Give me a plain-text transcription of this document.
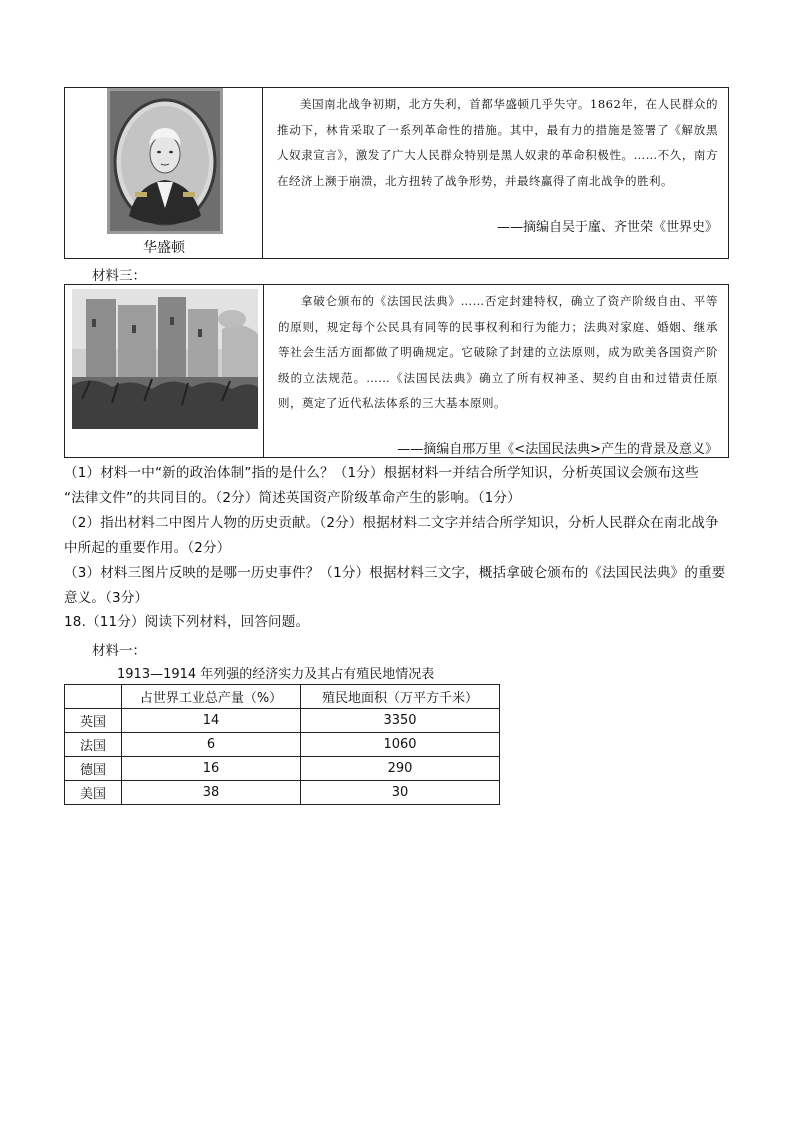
华盛顿
美国南北战争初期，北方失利，首都华盛顿几乎失守。1862年，在人民群众的推动下，林肯采取了一系列革命性的措施。其中，最有力的措施是签署了《解放黑人奴隶宣言》，激发了广大人民群众特别是黑人奴隶的革命积极性。……不久，南方在经济上濒于崩溃，北方扭转了战争形势，并最终赢得了南北战争的胜利。
——摘编自吴于廑、齐世荣《世界史》
材料三：
拿破仑颁布的《法国民法典》……否定封建特权，确立了资产阶级自由、平等的原则，规定每个公民具有同等的民事权利和行为能力；法典对家庭、婚姻、继承等社会生活方面都做了明确规定。它破除了封建的立法原则，成为欧美各国资产阶级的立法规范。……《法国民法典》确立了所有权神圣、契约自由和过错责任原则，奠定了近代私法体系的三大基本原则。
——摘编自邢万里《<法国民法典>产生的背景及意义》
（1）材料一中“新的政治体制”指的是什么？（1分）根据材料一并结合所学知识，分析英国议会颁布这些
“法律文件”的共同目的。（2分）简述英国资产阶级革命产生的影响。（1分）
（2）指出材料二中图片人物的历史贡献。（2分）根据材料二文字并结合所学知识，分析人民群众在南北战争
中所起的重要作用。（2分）
（3）材料三图片反映的是哪一历史事件？（1分）根据材料三文字，概括拿破仑颁布的《法国民法典》的重要
意义。（3分）
18.（11分）阅读下列材料，回答问题。
材料一：
1913—1914 年列强的经济实力及其占有殖民地情况表
	占世界工业总产量（%）	殖民地面积（万平方千米）
英国	14	3350
法国	6	1060
德国	16	290
美国	38	30
